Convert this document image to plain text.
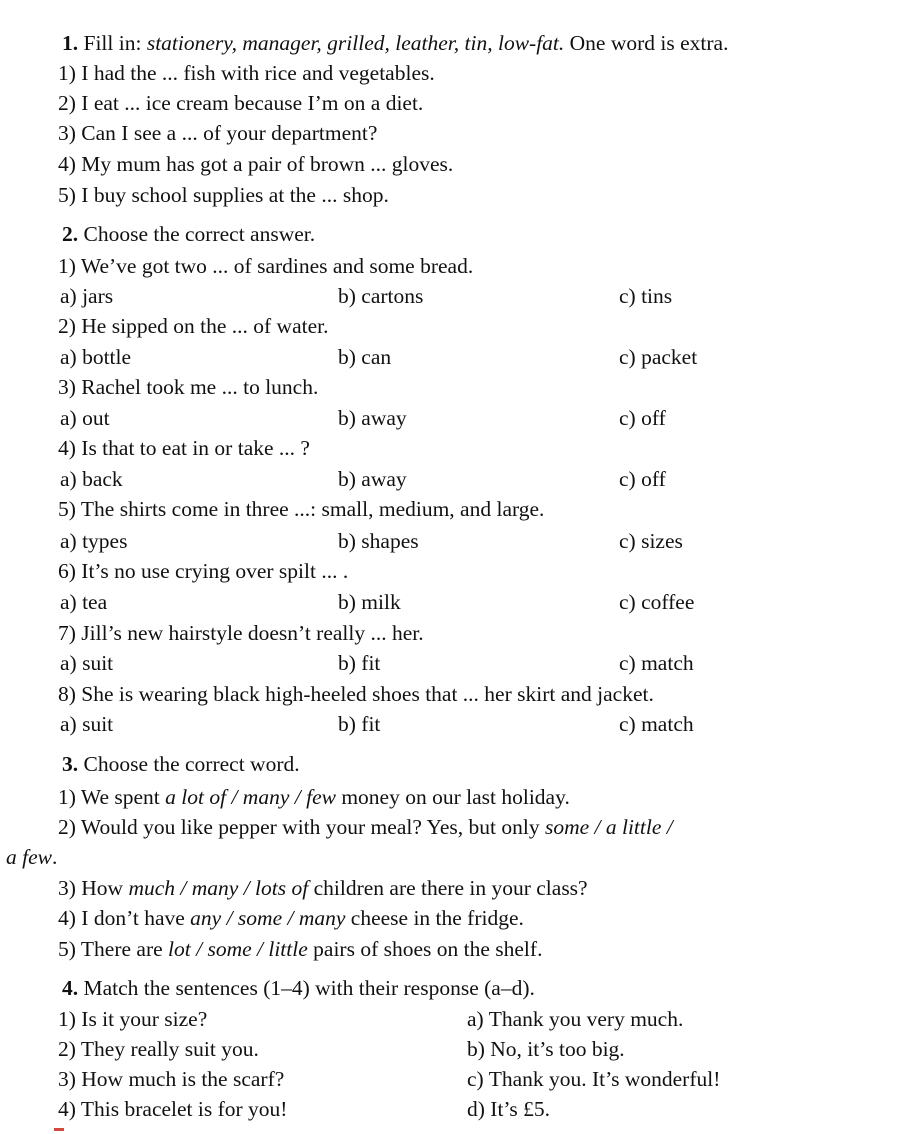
1. Fill in: stationery, manager, grilled, leather, tin, low-fat. One word is extra.
1) I had the ... fish with rice and vegetables.
2) I eat ... ice cream because I’m on a diet.
3) Can I see a ... of your department?
4) My mum has got a pair of brown ... gloves.
5) I buy school supplies at the ... shop.
2. Choose the correct answer.
1) We’ve got two ... of sardines and some bread.
a) jars	b) cartons	c) tins
2) He sipped on the ... of water.
a) bottle	b) can	c) packet
3) Rachel took me ... to lunch.
a) out	b) away	c) off
4) Is that to eat in or take ... ?
a) back	b) away	c) off
5) The shirts come in three ...: small, medium, and large.
a) types	b) shapes	c) sizes
6) It’s no use crying over spilt ... .
a) tea	b) milk	c) coffee
7) Jill’s new hairstyle doesn’t really ... her.
a) suit	b) fit	c) match
8) She is wearing black high-heeled shoes that ... her skirt and jacket.
a) suit	b) fit	c) match
3. Choose the correct word.
1) We spent a lot of / many / few money on our last holiday.
2) Would you like pepper with your meal? Yes, but only some / a little /
a few.
3) How much / many / lots of children are there in your class?
4) I don’t have any / some / many cheese in the fridge.
5) There are lot / some / little pairs of shoes on the shelf.
4. Match the sentences (1–4) with their response (a–d).
1) Is it your size?	a) Thank you very much.
2) They really suit you.	b) No, it’s too big.
3) How much is the scarf?	c) Thank you. It’s wonderful!
4) This bracelet is for you!	d) It’s £5.
